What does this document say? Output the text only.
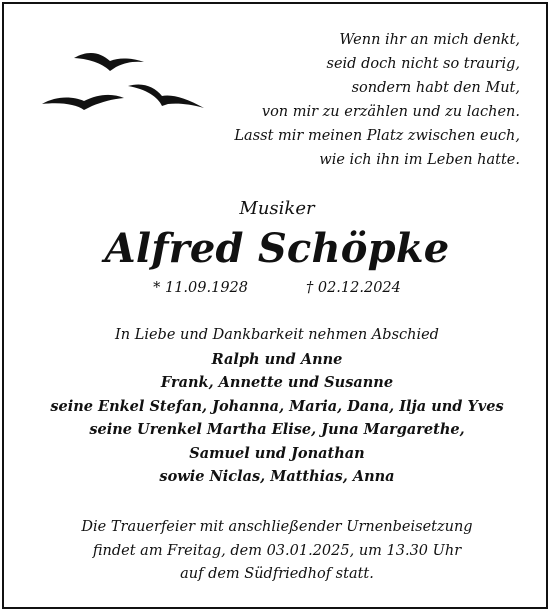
Wenn ihr an mich denkt,
seid doch nicht so traurig,
sondern habt den Mut,
von mir zu erzählen und zu lachen.
Lasst mir meinen Platz zwischen euch,
wie ich ihn im Leben hatte.
Musiker
Alfred Schöpke
* 11.09.1928	† 02.12.2024
In Liebe und Dankbarkeit nehmen Abschied
Ralph und Anne
Frank, Annette und Susanne
seine Enkel Stefan, Johanna, Maria, Dana, Ilja und Yves
seine Urenkel Martha Elise, Juna Margarethe,
Samuel und Jonathan
sowie Niclas, Matthias, Anna
Die Trauerfeier mit anschließender Urnenbeisetzung
findet am Freitag, dem 03.01.2025, um 13.30 Uhr
auf dem Südfriedhof statt.
